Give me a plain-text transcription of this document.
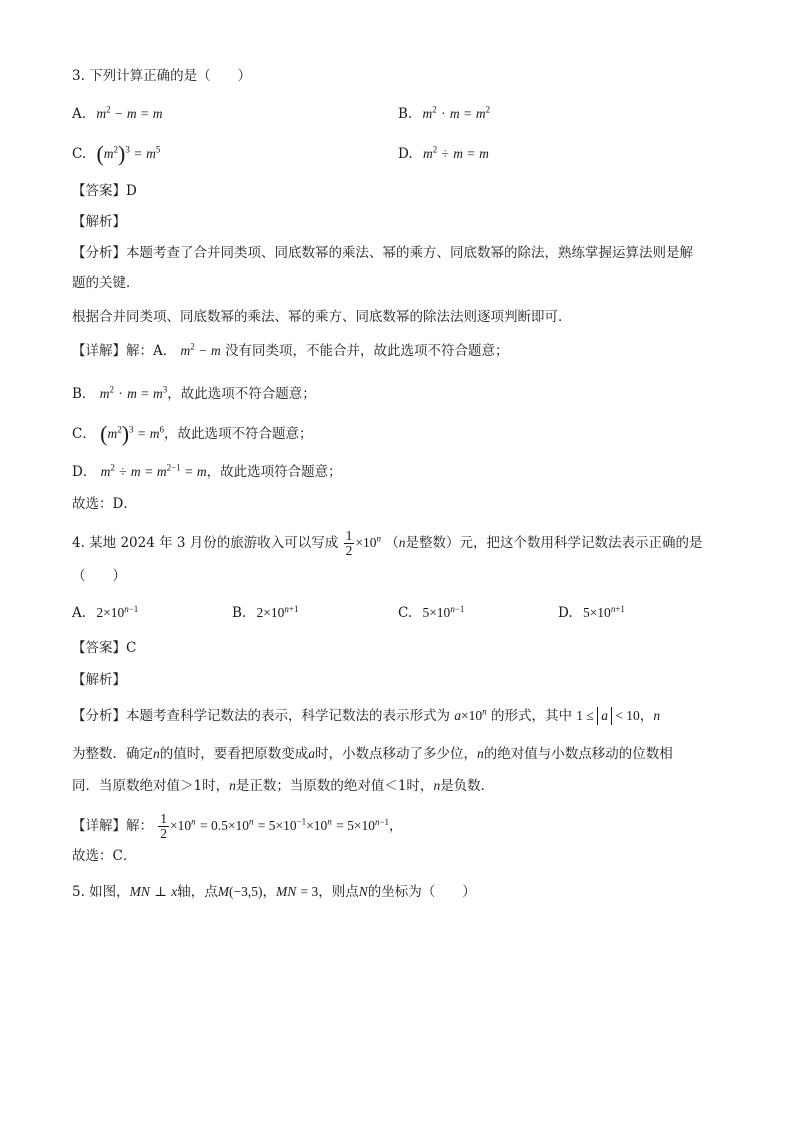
3. 下列计算正确的是（　　）
A. $m^2 - m = m$	B. $m^2 \cdot m = m^2$
C. $(m^2)^3 = m^5$	D. $m^2 \div m = m$
【答案】D
【解析】
【分析】本题考查了合并同类项、同底数幂的乘法、幂的乘方、同底数幂的除法，熟练掌握运算法则是解
题的关键．
根据合并同类项、同底数幂的乘法、幂的乘方、同底数幂的除法法则逐项判断即可．
【详解】解：A． $m^2 - m$ 没有同类项，不能合并，故此选项不符合题意；
B． $m^2 \cdot m = m^3$，故此选项不符合题意；
C． $(m^2)^3 = m^6$，故此选项不符合题意；
D． $m^2 \div m = m^{2-1} = m$，故此选项符合题意；
故选：D．
4. 某地 2024 年 3 月份的旅游收入可以写成 $\frac{1}{2} \times 10^n$ （n是整数）元，把这个数用科学记数法表示正确的是
（　　）
A. $2\times 10^{n-1}$	B. $2\times 10^{n+1}$	C. $5\times 10^{n-1}$	D. $5\times 10^{n+1}$
【答案】C
【解析】
【分析】本题考查科学记数法的表示，科学记数法的表示形式为 $a\times 10^n$ 的形式，其中 1 ≤ a < 10，n
为整数．确定n的值时，要看把原数变成a时，小数点移动了多少位，n的绝对值与小数点移动的位数相
同．当原数绝对值＞1时，n是正数；当原数的绝对值＜1时，n是负数．
【详解】解： $\frac{1}{2} \times 10^n = 0.5\times 10^n = 5\times 10^{-1}\times 10^n = 5\times 10^{n-1}$，
故选：C．
5. 如图，MN ⊥ x轴，点M(−3,5)，MN = 3，则点N的坐标为（　　）
